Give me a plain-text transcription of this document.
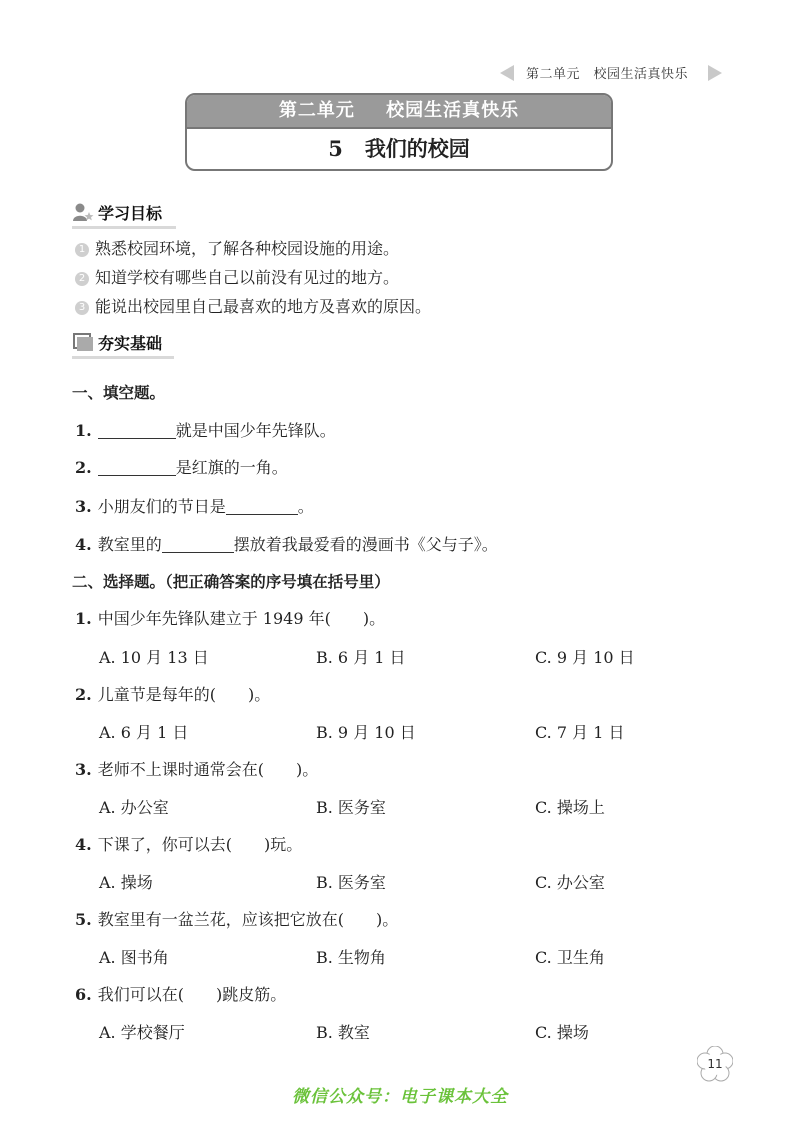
第二单元　校园生活真快乐
第二单元 校园生活真快乐
5 我们的校园
学习目标
1 熟悉校园环境，了解各种校园设施的用途。
2 知道学校有哪些自己以前没有见过的地方。
3 能说出校园里自己最喜欢的地方及喜欢的原因。
夯实基础
一、填空题。
1.	就是中国少年先锋队。
2.	是红旗的一角。
3. 小朋友们的节日是	。
4. 教室里的	摆放着我最爱看的漫画书《父与子》。
二、选择题。（把正确答案的序号填在括号里）
1. 中国少年先锋队建立于 1949 年(　　)。
A. 10 月 13 日	B. 6 月 1 日	C. 9 月 10 日
2. 儿童节是每年的(　　)。
A. 6 月 1 日	B. 9 月 10 日	C. 7 月 1 日
3. 老师不上课时通常会在(　　)。
A. 办公室	B. 医务室	C. 操场上
4. 下课了，你可以去(　　)玩。
A. 操场	B. 医务室	C. 办公室
5. 教室里有一盆兰花，应该把它放在(　　)。
A. 图书角	B. 生物角	C. 卫生角
6. 我们可以在(　　)跳皮筋。
A. 学校餐厅	B. 教室	C. 操场
11
微信公众号：电子课本大全
